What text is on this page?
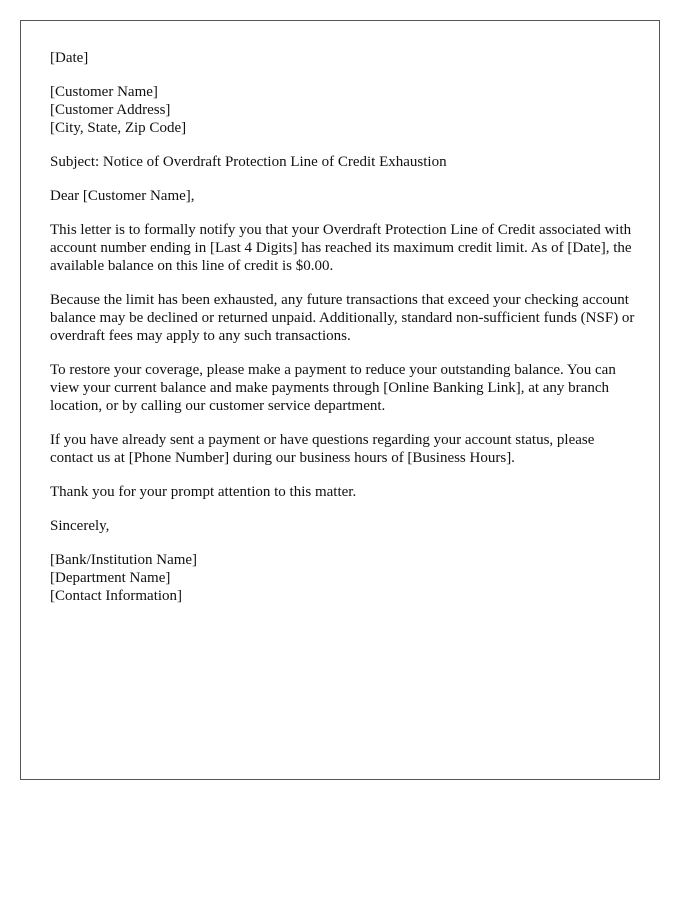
[Date]

[Customer Name]
[Customer Address]
[City, State, Zip Code]

Subject: Notice of Overdraft Protection Line of Credit Exhaustion

Dear [Customer Name],

This letter is to formally notify you that your Overdraft Protection Line of Credit associated with account number ending in [Last 4 Digits] has reached its maximum credit limit. As of [Date], the available balance on this line of credit is $0.00.

Because the limit has been exhausted, any future transactions that exceed your checking account balance may be declined or returned unpaid. Additionally, standard non-sufficient funds (NSF) or overdraft fees may apply to any such transactions.

To restore your coverage, please make a payment to reduce your outstanding balance. You can view your current balance and make payments through [Online Banking Link], at any branch location, or by calling our customer service department.

If you have already sent a payment or have questions regarding your account status, please contact us at [Phone Number] during our business hours of [Business Hours].

Thank you for your prompt attention to this matter.

Sincerely,

[Bank/Institution Name]
[Department Name]
[Contact Information]
